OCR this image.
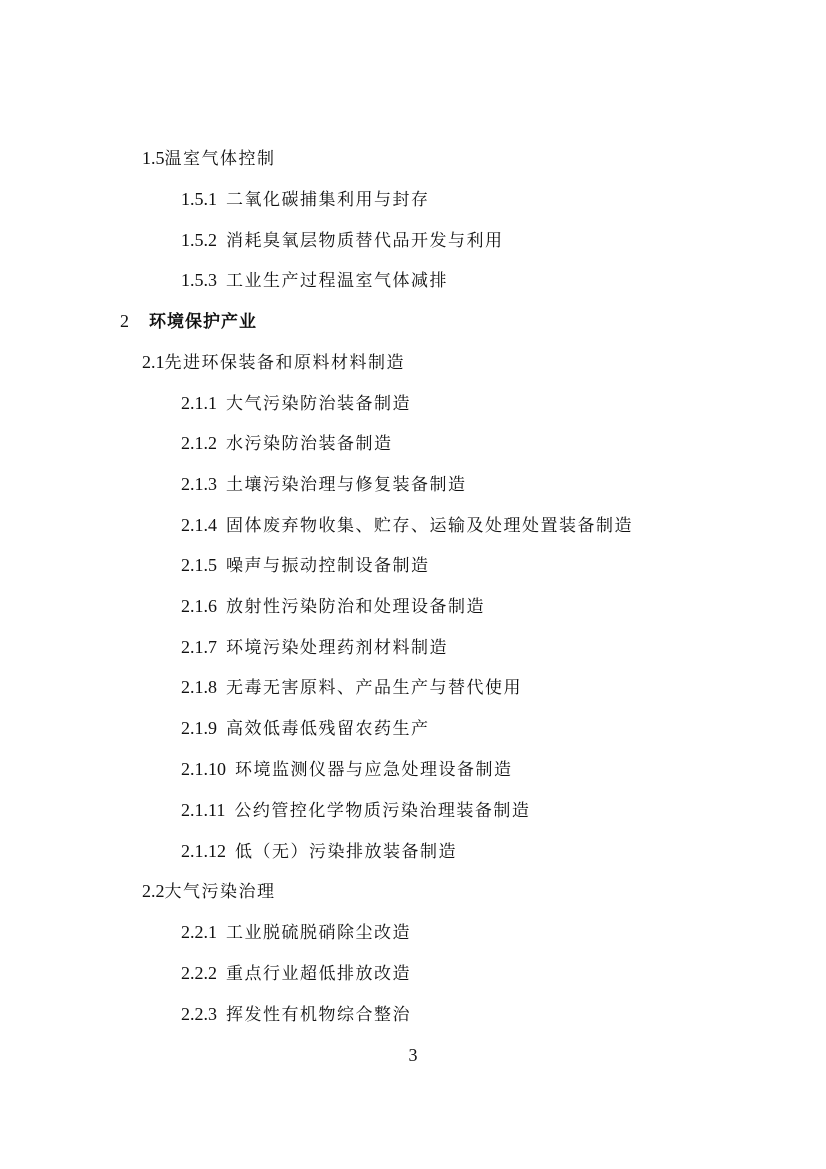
1.5温室气体控制
1.5.1 二氧化碳捕集利用与封存
1.5.2 消耗臭氧层物质替代品开发与利用
1.5.3 工业生产过程温室气体减排
2 环境保护产业
2.1先进环保装备和原料材料制造
2.1.1 大气污染防治装备制造
2.1.2 水污染防治装备制造
2.1.3 土壤污染治理与修复装备制造
2.1.4 固体废弃物收集、贮存、运输及处理处置装备制造
2.1.5 噪声与振动控制设备制造
2.1.6 放射性污染防治和处理设备制造
2.1.7 环境污染处理药剂材料制造
2.1.8 无毒无害原料、产品生产与替代使用
2.1.9 高效低毒低残留农药生产
2.1.10 环境监测仪器与应急处理设备制造
2.1.11 公约管控化学物质污染治理装备制造
2.1.12 低（无）污染排放装备制造
2.2大气污染治理
2.2.1 工业脱硫脱硝除尘改造
2.2.2 重点行业超低排放改造
2.2.3 挥发性有机物综合整治
3
